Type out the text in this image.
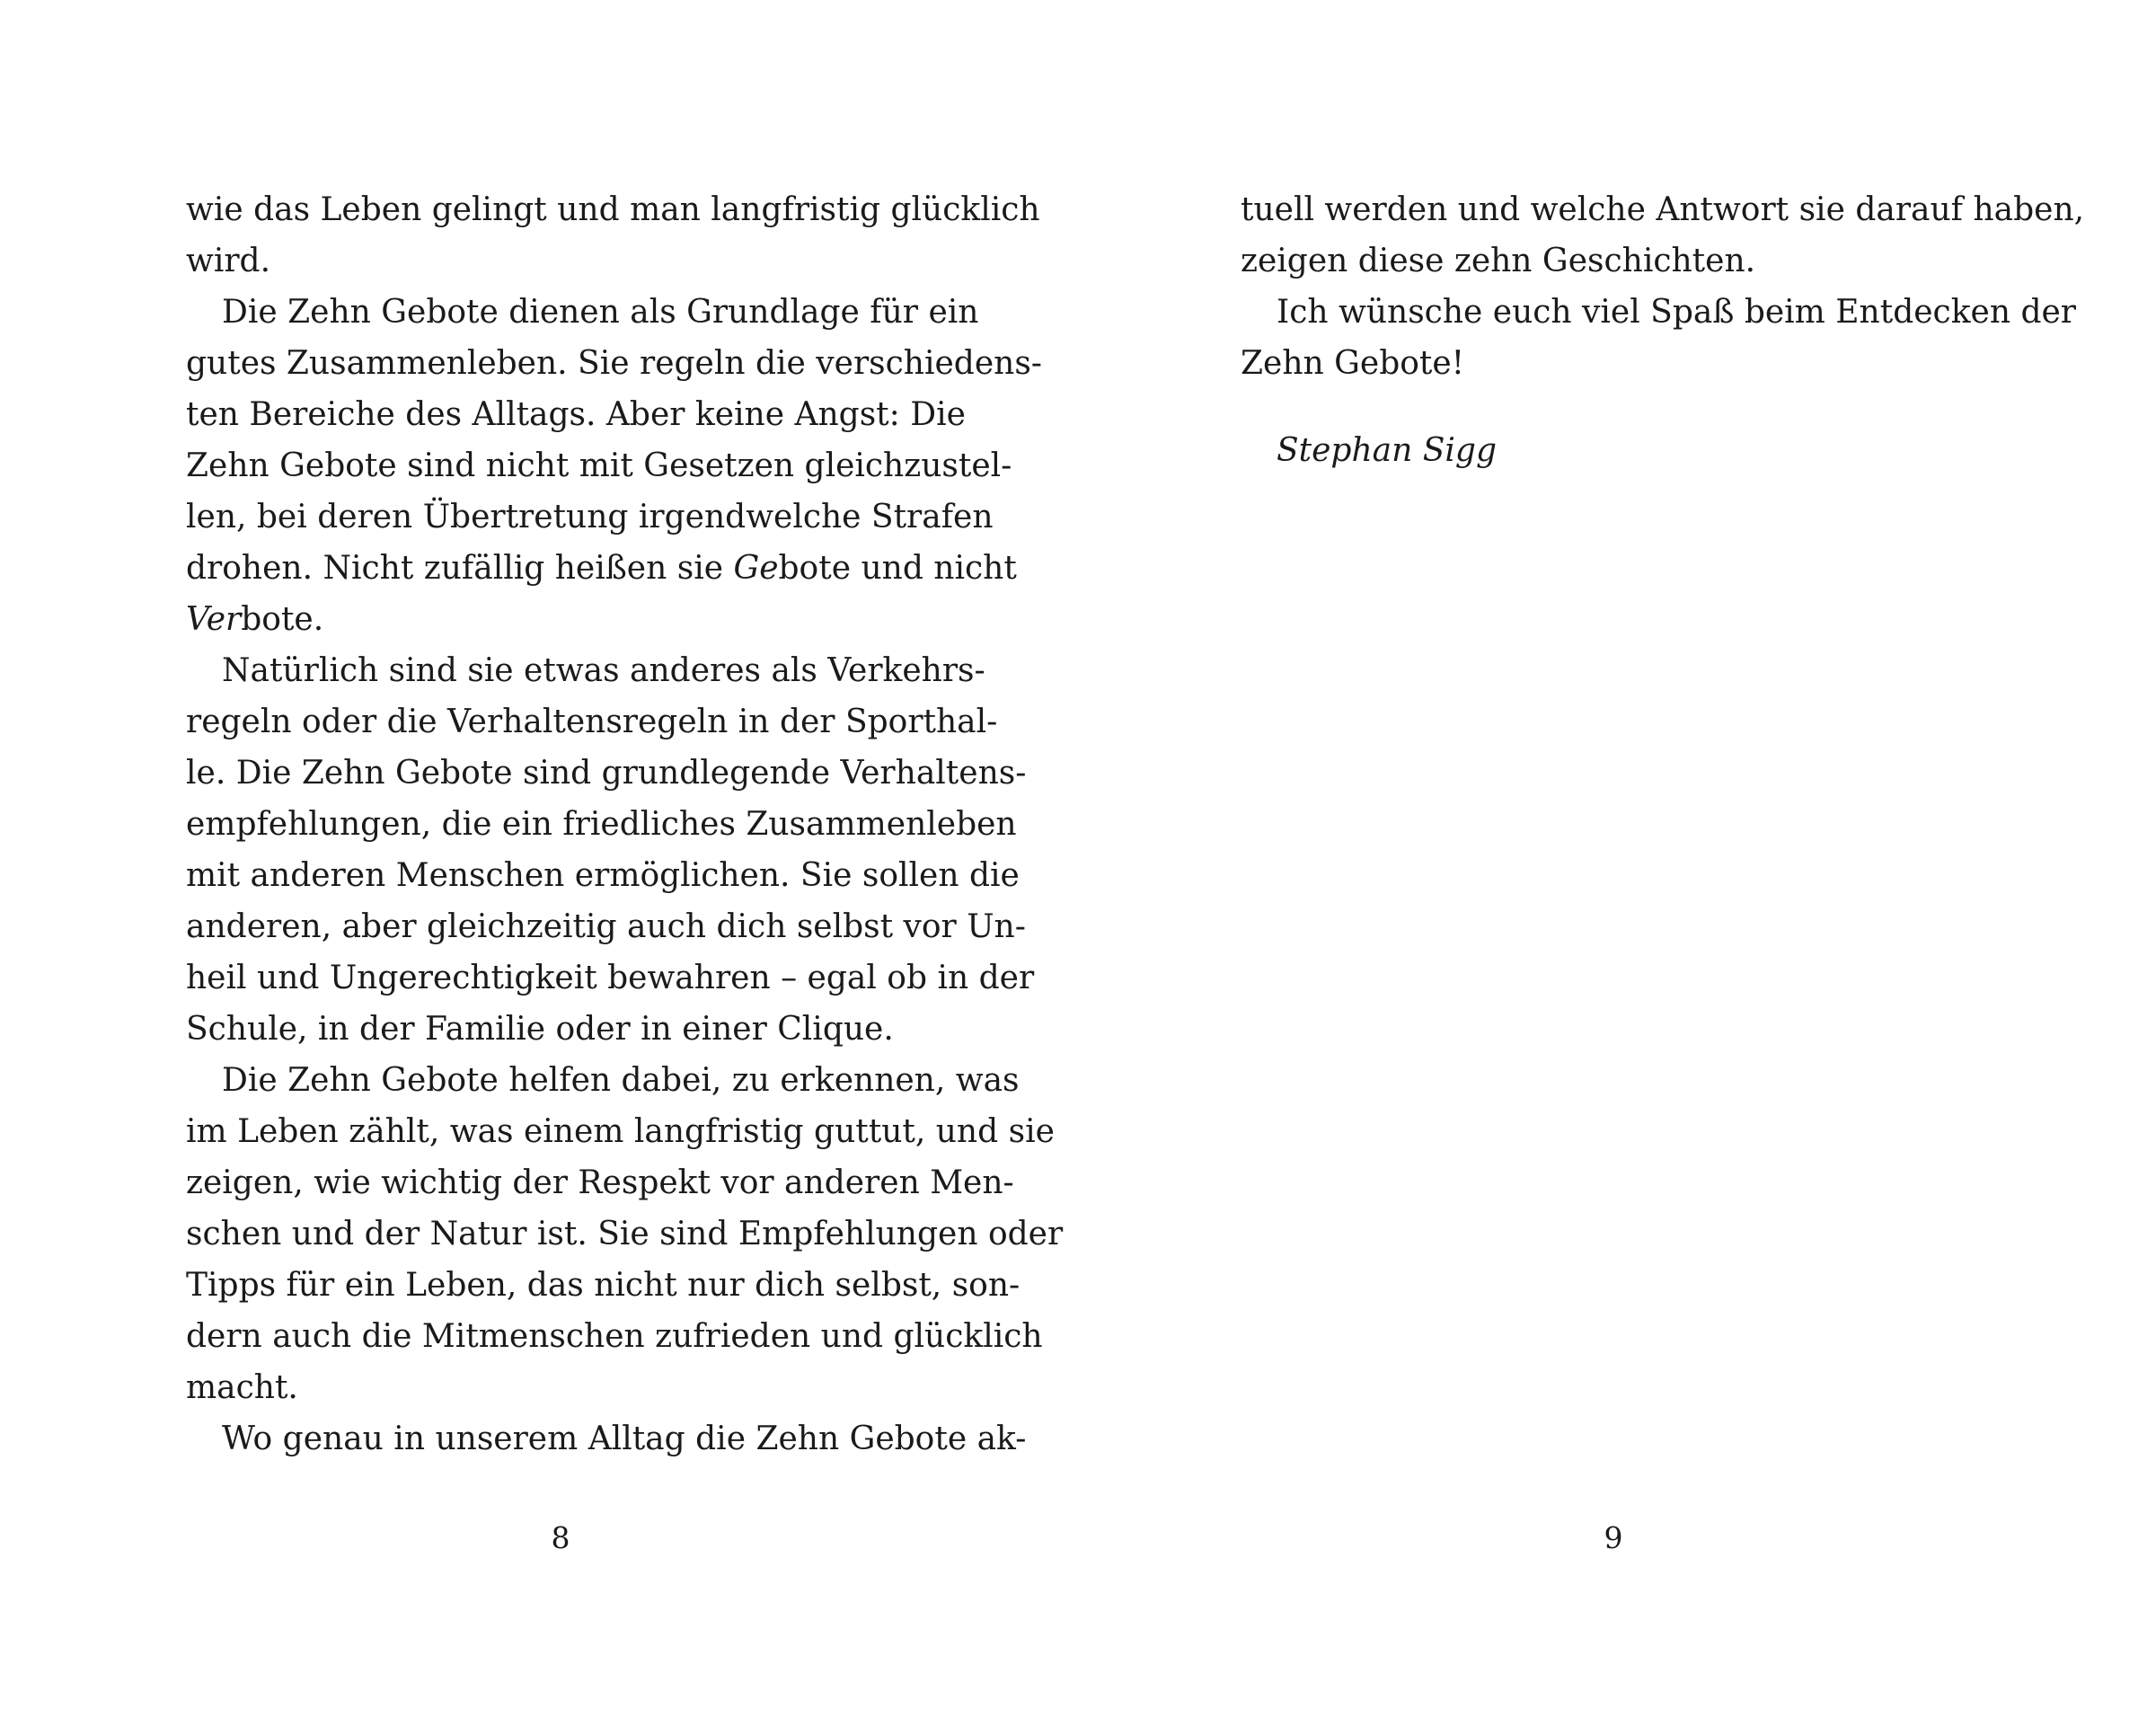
wie das Leben gelingt und man langfristig glücklich
wird.
Die Zehn Gebote dienen als Grundlage für ein
gutes Zusammenleben. Sie regeln die verschiedens-
ten Bereiche des Alltags. Aber keine Angst: Die
Zehn Gebote sind nicht mit Gesetzen gleichzustel-
len, bei deren Übertretung irgendwelche Strafen
drohen. Nicht zufällig heißen sie Gebote und nicht
Verbote.
Natürlich sind sie etwas anderes als Verkehrs-
regeln oder die Verhaltensregeln in der Sporthal-
le. Die Zehn Gebote sind grundlegende Verhaltens-
empfehlungen, die ein friedliches Zusammenleben
mit anderen Menschen ermöglichen. Sie sollen die
anderen, aber gleichzeitig auch dich selbst vor Un-
heil und Ungerechtigkeit bewahren – egal ob in der
Schule, in der Familie oder in einer Clique.
Die Zehn Gebote helfen dabei, zu erkennen, was
im Leben zählt, was einem langfristig guttut, und sie
zeigen, wie wichtig der Respekt vor anderen Men-
schen und der Natur ist. Sie sind Empfehlungen oder
Tipps für ein Leben, das nicht nur dich selbst, son-
dern auch die Mitmenschen zufrieden und glücklich
macht.
Wo genau in unserem Alltag die Zehn Gebote ak-
8
tuell werden und welche Antwort sie darauf haben,
zeigen diese zehn Geschichten.
Ich wünsche euch viel Spaß beim Entdecken der
Zehn Gebote!
Stephan Sigg
9
